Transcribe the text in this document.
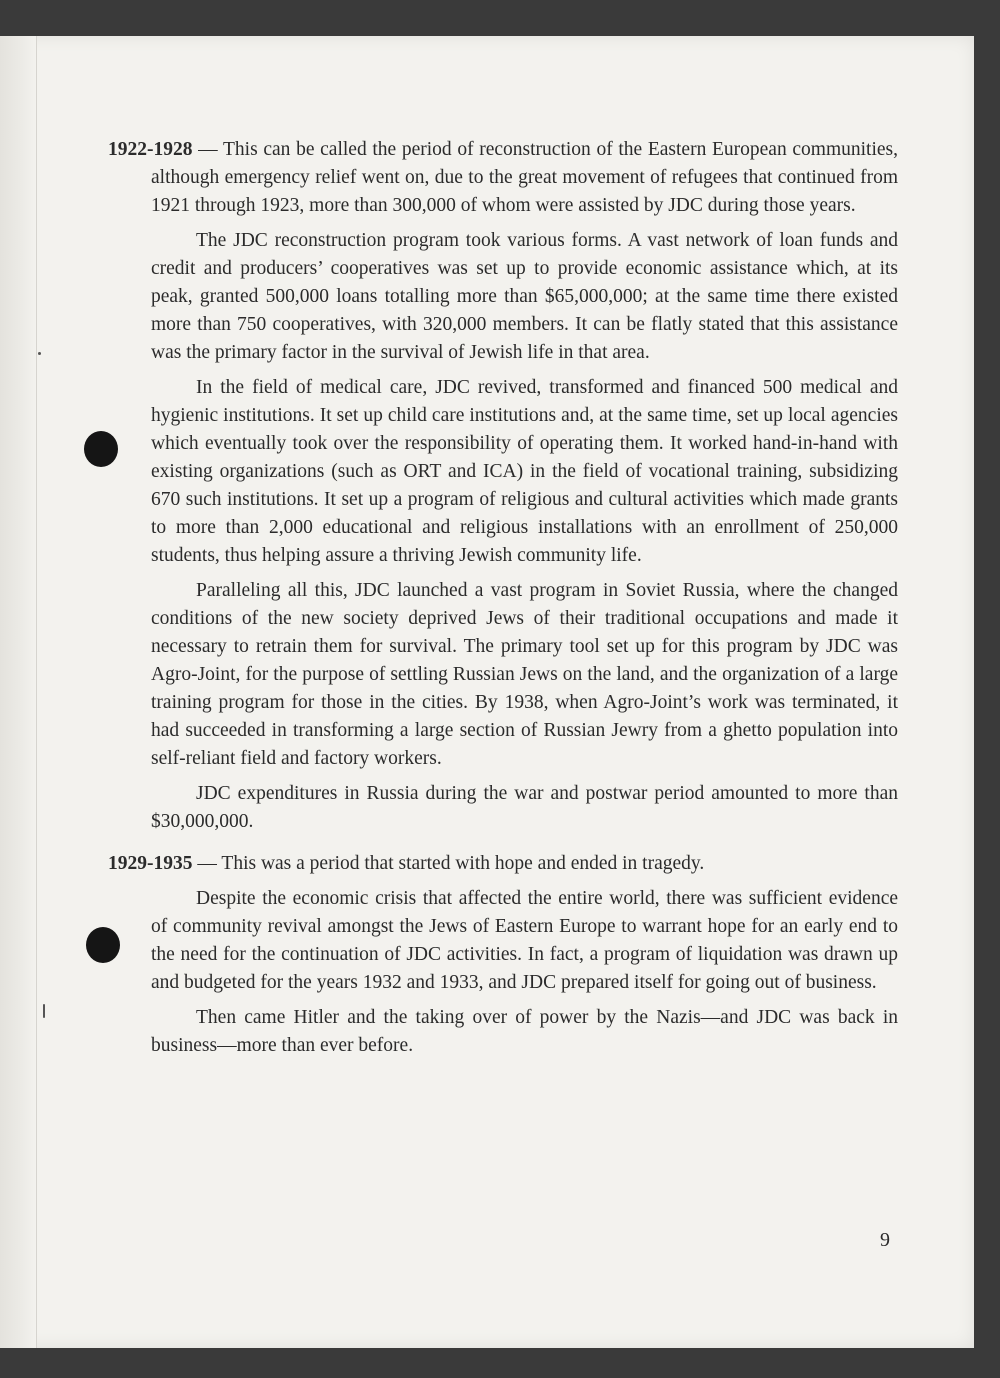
1922-1928 — This can be called the period of reconstruction of the Eastern European communities, although emergency relief went on, due to the great movement of refugees that continued from 1921 through 1923, more than 300,000 of whom were assisted by JDC during those years.

The JDC reconstruction program took various forms. A vast network of loan funds and credit and producers’ cooperatives was set up to provide economic assistance which, at its peak, granted 500,000 loans totalling more than $65,000,000; at the same time there existed more than 750 cooperatives, with 320,000 members. It can be flatly stated that this assistance was the primary factor in the survival of Jewish life in that area.

In the field of medical care, JDC revived, transformed and financed 500 medical and hygienic institutions. It set up child care institutions and, at the same time, set up local agencies which eventually took over the responsibility of operating them. It worked hand-in-hand with existing organizations (such as ORT and ICA) in the field of vocational training, subsidizing 670 such institutions. It set up a program of religious and cultural activities which made grants to more than 2,000 educational and religious installations with an enrollment of 250,000 students, thus helping assure a thriving Jewish community life.

Paralleling all this, JDC launched a vast program in Soviet Russia, where the changed conditions of the new society deprived Jews of their traditional occupations and made it necessary to retrain them for survival. The primary tool set up for this program by JDC was Agro-Joint, for the purpose of settling Russian Jews on the land, and the organization of a large training program for those in the cities. By 1938, when Agro-Joint’s work was terminated, it had succeeded in transforming a large section of Russian Jewry from a ghetto population into self-reliant field and factory workers.

JDC expenditures in Russia during the war and postwar period amounted to more than $30,000,000.

1929-1935 — This was a period that started with hope and ended in tragedy.

Despite the economic crisis that affected the entire world, there was sufficient evidence of community revival amongst the Jews of Eastern Europe to warrant hope for an early end to the need for the continuation of JDC activities. In fact, a program of liquidation was drawn up and budgeted for the years 1932 and 1933, and JDC prepared itself for going out of business.

Then came Hitler and the taking over of power by the Nazis—and JDC was back in business—more than ever before.

9
